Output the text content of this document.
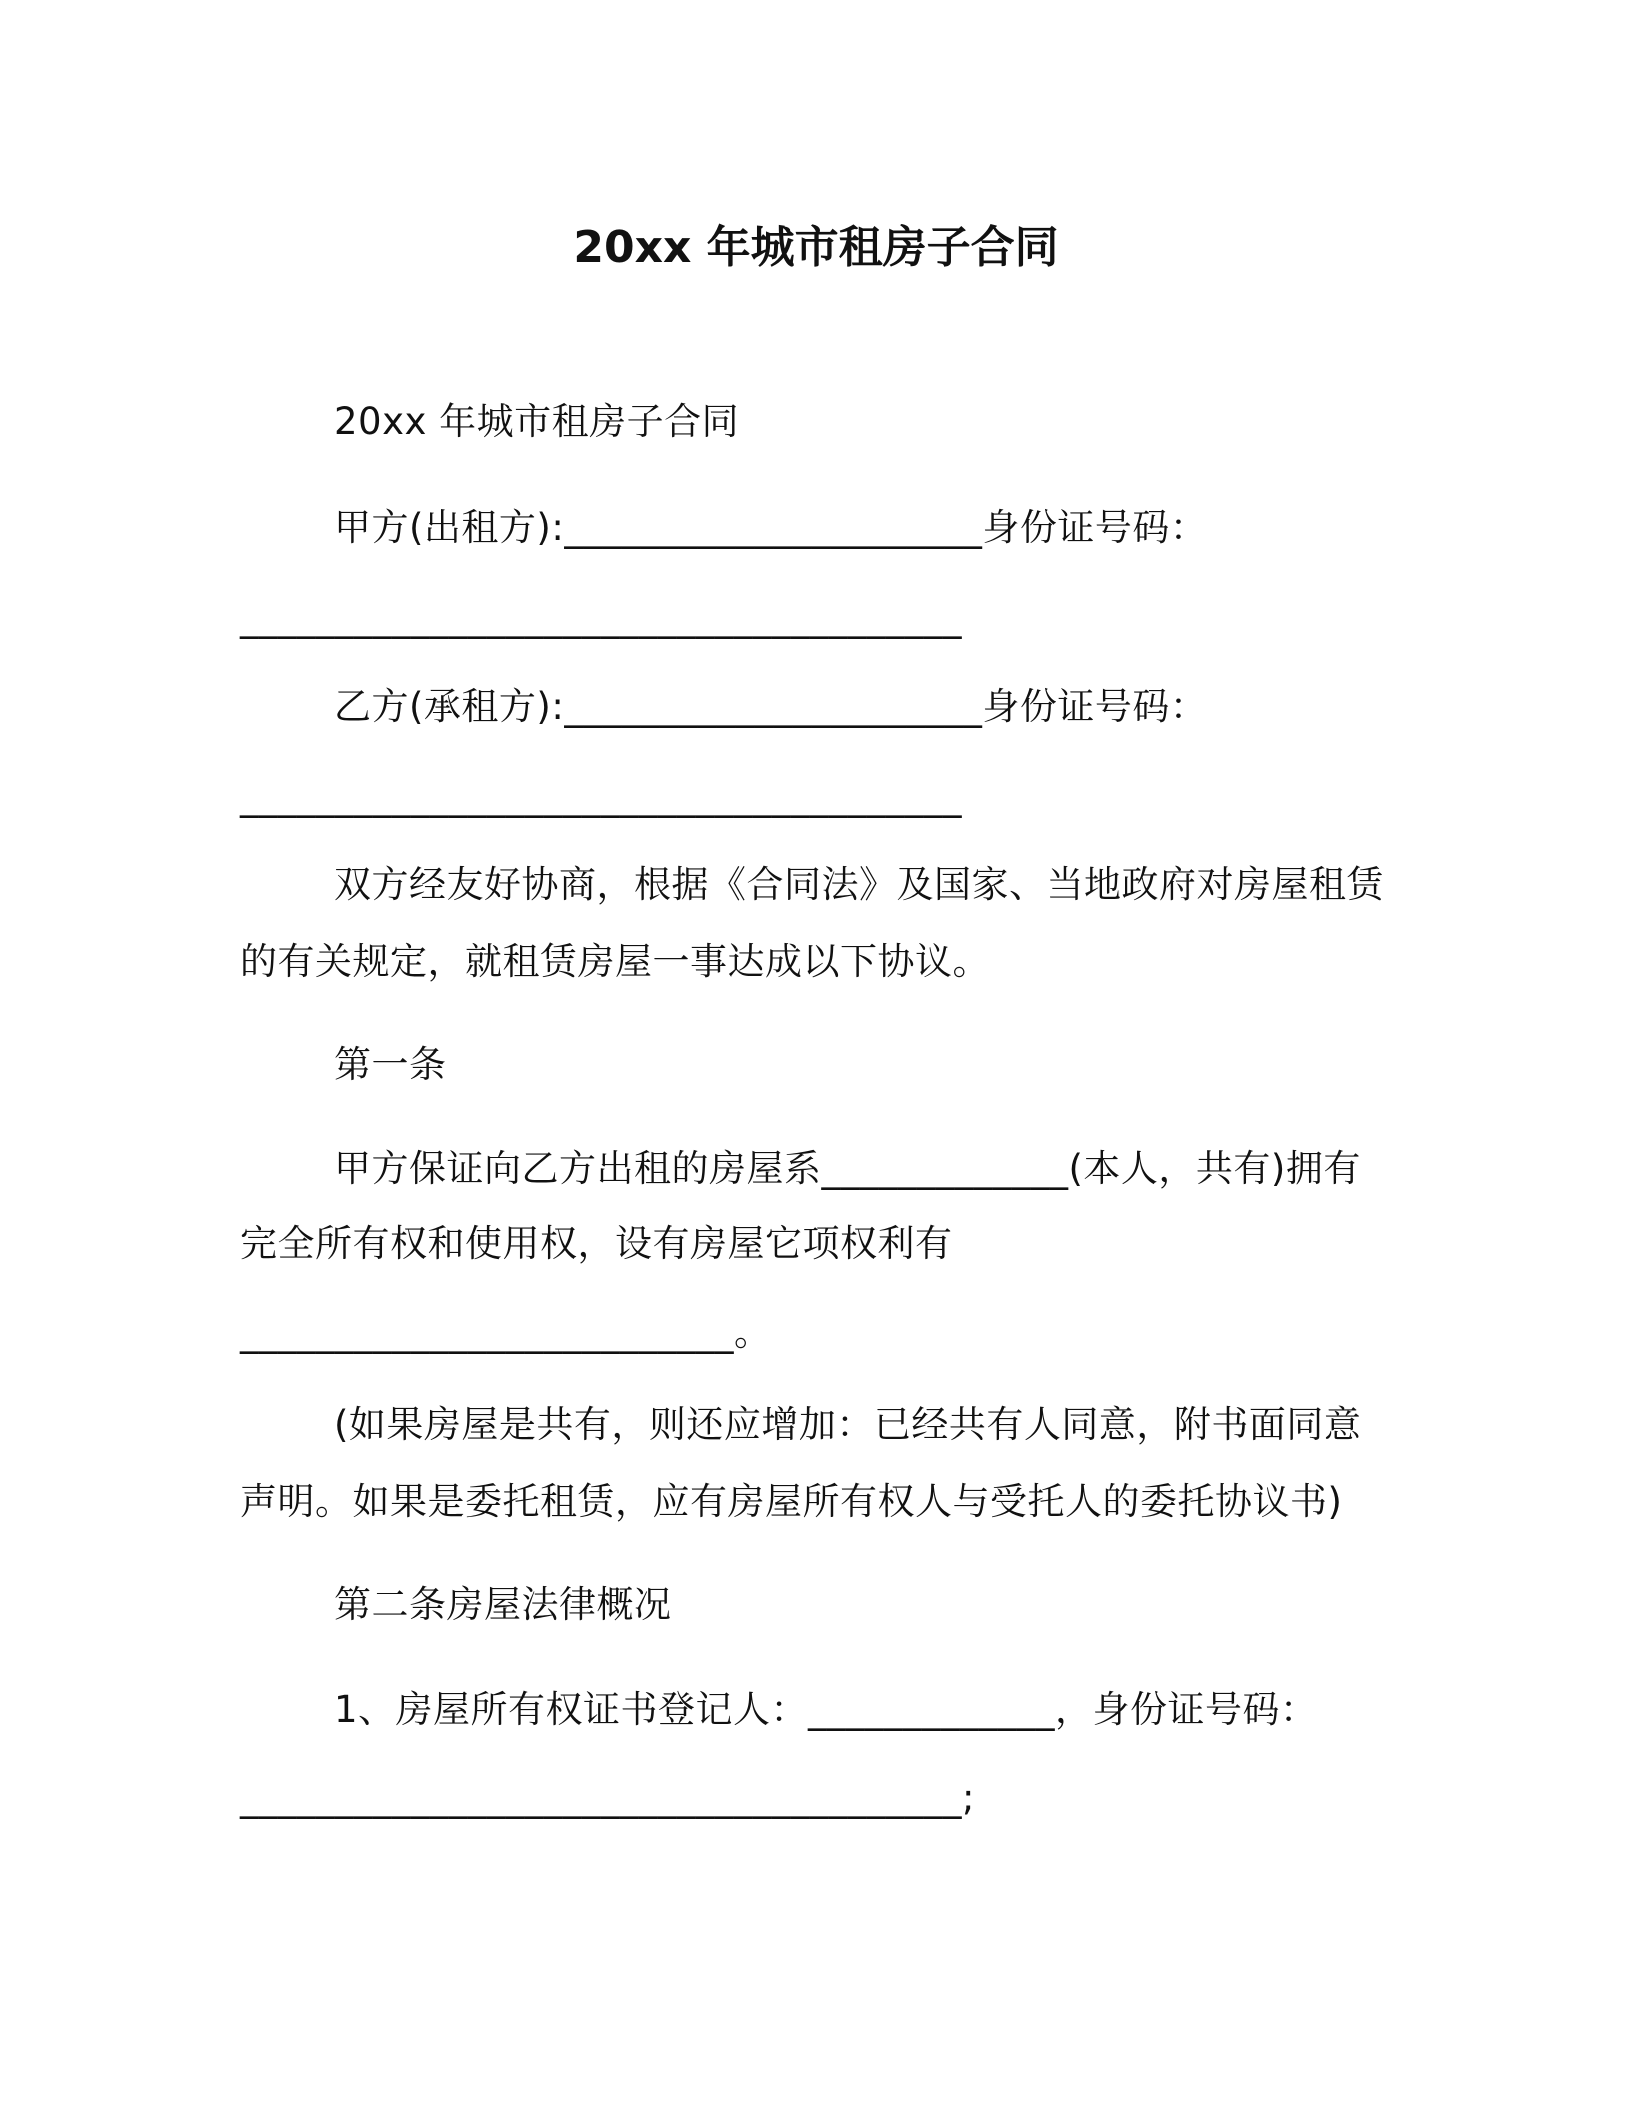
20xx 年城市租房子合同
20xx 年城市租房子合同
甲方(出租方):______________________身份证号码：
______________________________________
乙方(承租方):______________________身份证号码：
______________________________________
双方经友好协商，根据《合同法》及国家、当地政府对房屋租赁
的有关规定，就租赁房屋一事达成以下协议。
第一条
甲方保证向乙方出租的房屋系_____________(本人，共有)拥有
完全所有权和使用权，设有房屋它项权利有
__________________________。
(如果房屋是共有，则还应增加：已经共有人同意，附书面同意
声明。如果是委托租赁，应有房屋所有权人与受托人的委托协议书)
第二条房屋法律概况
1、房屋所有权证书登记人：_____________，身份证号码：
______________________________________;
